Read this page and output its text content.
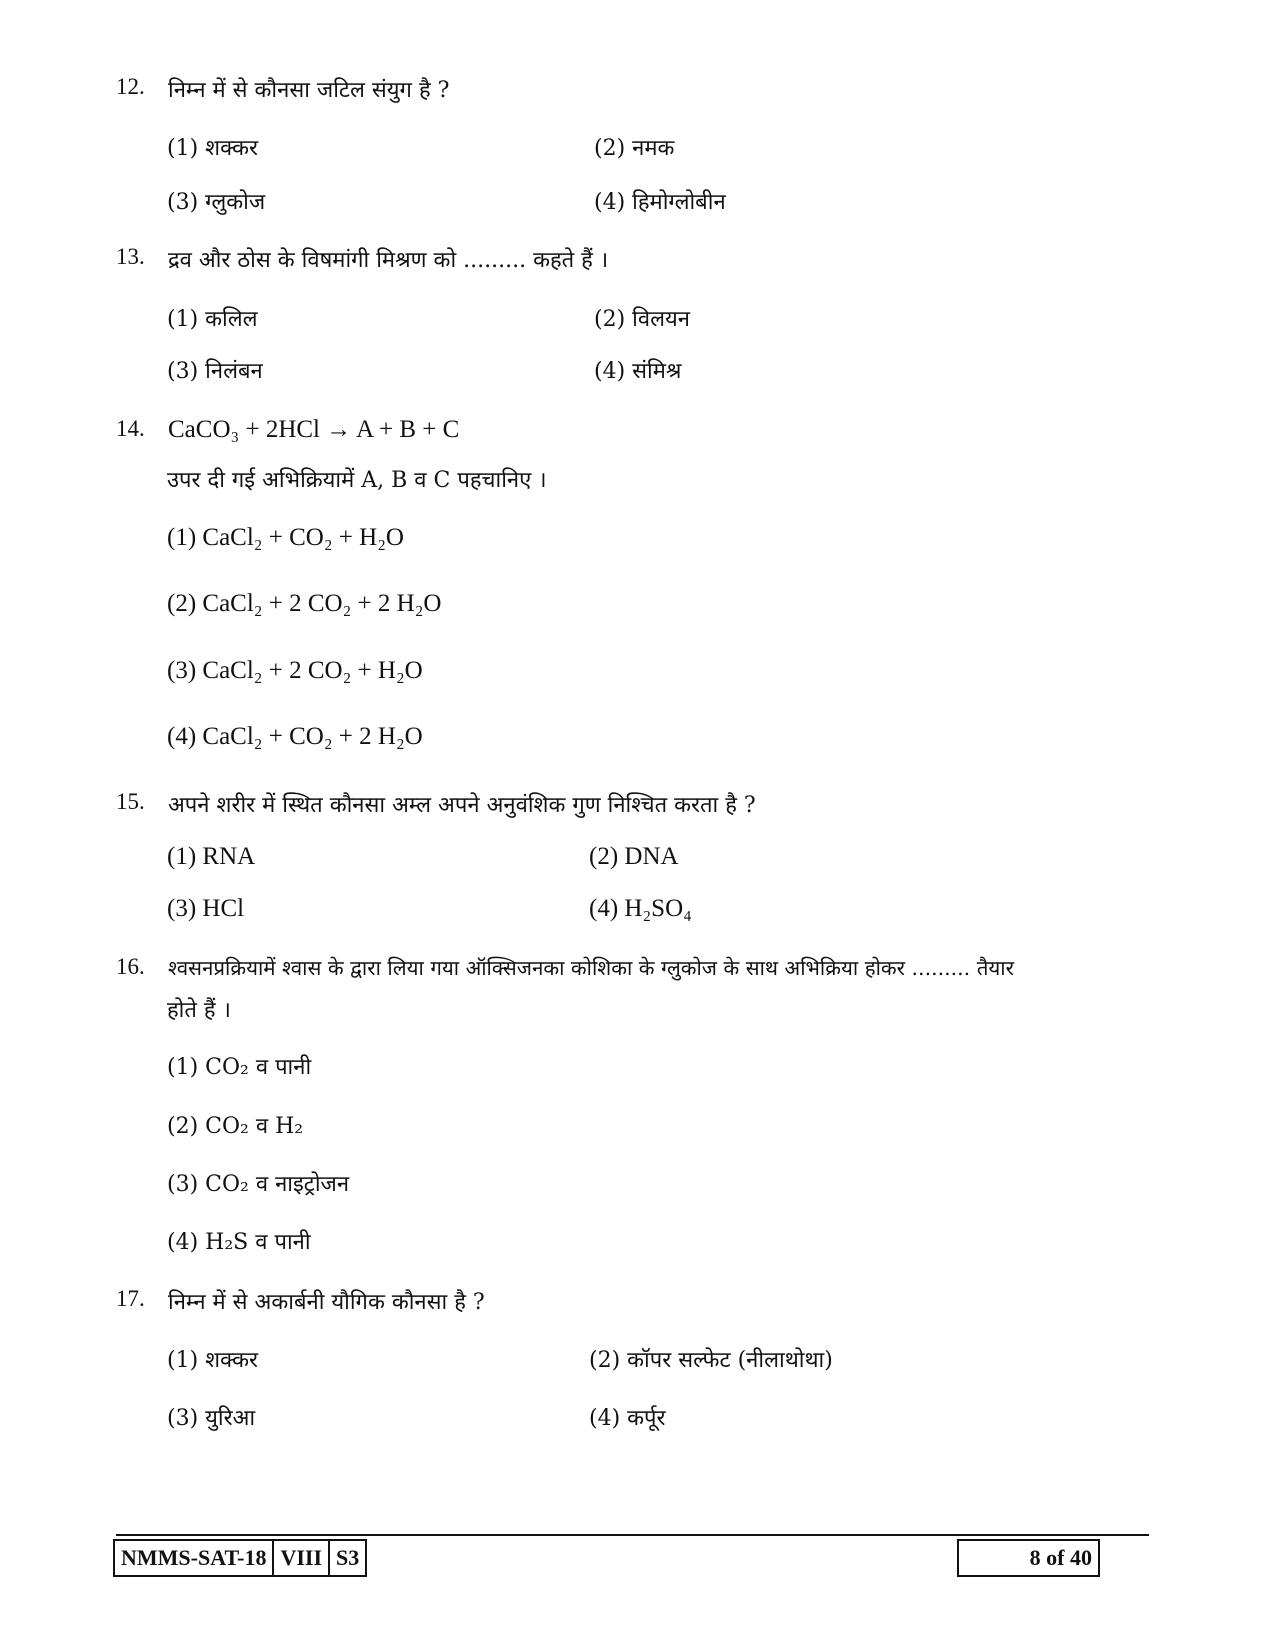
12. निम्न में से कौनसा जटिल संयुग है ?
(1) शक्कर	(2) नमक
(3) ग्लुकोज	(4) हिमोग्लोबीन
13. द्रव और ठोस के विषमांगी मिश्रण को ......... कहते हैं ।
(1) कलिल	(2) विलयन
(3) निलंबन	(4) संमिश्र
14. CaCO₃ + 2HCl → A + B + C
उपर दी गई अभिक्रियामें A, B व C पहचानिए ।
(1) CaCl₂ + CO₂ + H₂O
(2) CaCl₂ + 2 CO₂ + 2 H₂O
(3) CaCl₂ + 2 CO₂ + H₂O
(4) CaCl₂ + CO₂ + 2 H₂O
15. अपने शरीर में स्थित कौनसा अम्ल अपने अनुवंशिक गुण निश्चित करता है ?
(1) RNA	(2) DNA
(3) HCl	(4) H₂SO₄
16. श्वसनप्रक्रियामें श्वास के द्वारा लिया गया ऑक्सिजनका कोशिका के ग्लुकोज के साथ अभिक्रिया होकर ......... तैयार
होते हैं ।
(1) CO₂ व पानी
(2) CO₂ व H₂
(3) CO₂ व नाइट्रोजन
(4) H₂S व पानी
17. निम्न में से अकार्बनी यौगिक कौनसा है ?
(1) शक्कर	(2) कॉपर सल्फेट (नीलाथोथा)
(3) युरिआ	(4) कर्पूर
NMMS-SAT-18 VIII S3	8 of 40
